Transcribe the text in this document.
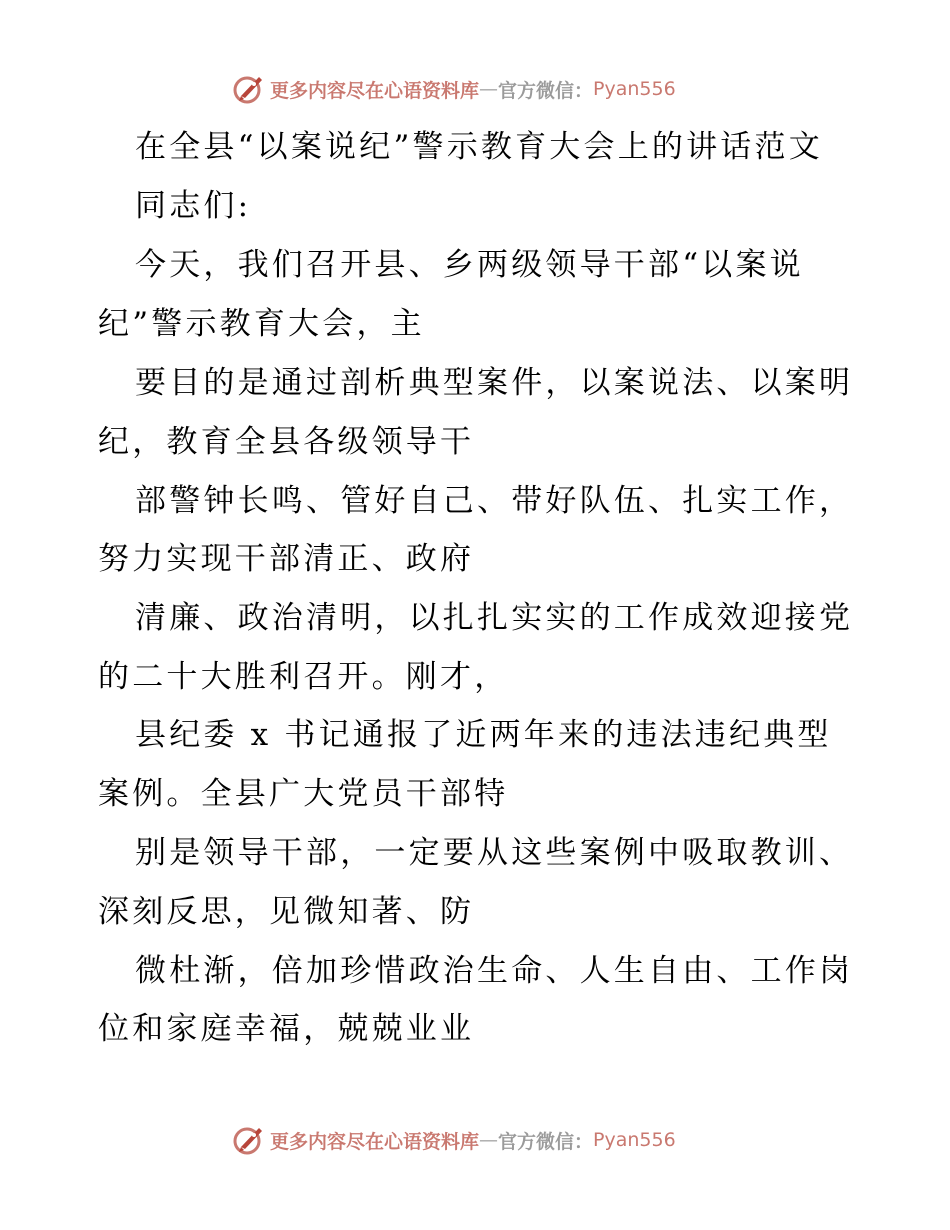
更多内容尽在心语资料库 — 官方微信： Pyan556
在全县“以案说纪”警示教育大会上的讲话范文
同志们:
今天，我们召开县、乡两级领导干部“以案说
纪”警示教育大会，主
要目的是通过剖析典型案件，以案说法、以案明
纪，教育全县各级领导干
部警钟长鸣、管好自己、带好队伍、扎实工作，
努力实现干部清正、政府
清廉、政治清明，以扎扎实实的工作成效迎接党
的二十大胜利召开。刚才，
县纪委 x 书记通报了近两年来的违法违纪典型
案例。全县广大党员干部特
别是领导干部，一定要从这些案例中吸取教训、
深刻反思，见微知著、防
微杜渐，倍加珍惜政治生命、人生自由、工作岗
位和家庭幸福，兢兢业业
更多内容尽在心语资料库 — 官方微信： Pyan556
